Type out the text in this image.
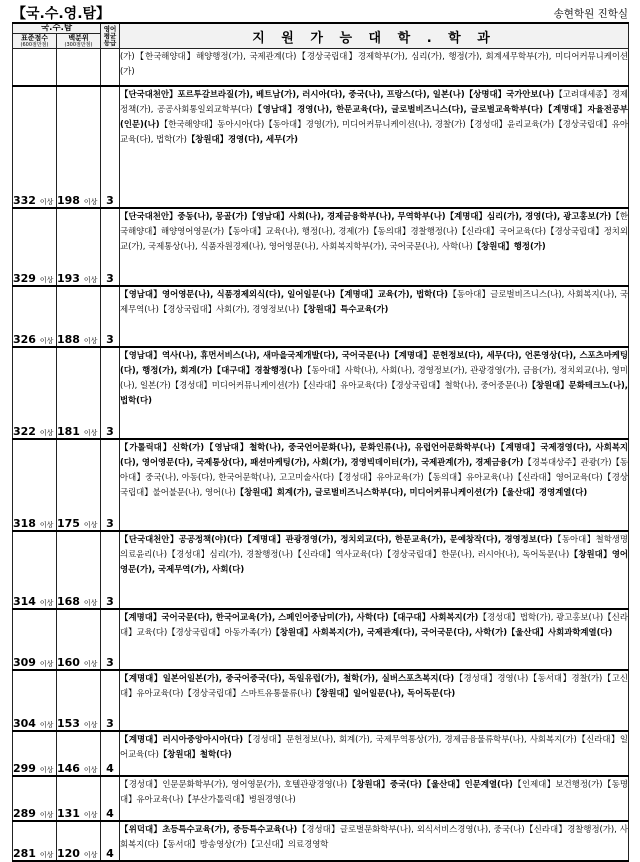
【국.수.영.탐】	송현학원 진학실
국.수.탐		영어
평균
등급	지 원 가 능 대 학 . 학 과
표준점수
(600점만점)	백분위
(300점만점)		

			(가)【한국해양대】해양행정(가), 국제관계(다)【경상국립대】경제학부(가), 심리(가), 행정(가), 회계세무학부(가), 미디어커뮤니케이션(가)
332 이상	198 이상	3	【단국대천안】포르투갈브라질(가), 베트남(가), 러시아(다), 중국(나), 프랑스(다), 일본(나)【상명대】국가안보(나)【고려대세종】경제정책(가), 공공사회통일외교학부(다)【영남대】경영(나), 한문교육(다), 글로벌비즈니스(다), 글로벌교육학부(다)【계명대】자율전공부(인문)(나)【한국해양대】동아시아(다)【동아대】경영(가), 미디어커뮤니케이션(나), 경찰(가)【경성대】윤리교육(가)【경상국립대】유아교육(다), 법학(가)【창원대】경영(다), 세무(가)
329 이상	193 이상	3	【단국대천안】중동(나), 몽골(가)【영남대】사회(나), 경제금융학부(나), 무역학부(나)【계명대】심리(가), 경영(다), 광고홍보(가)【한국해양대】해양영어영문(가)【동아대】교육(나), 행정(나), 경제(가)【동의대】경찰행정(나)【신라대】국어교육(다)【경상국립대】정치외교(가), 국제통상(나), 식품자원경제(나), 영어영문(나), 사회복지학부(가), 국어국문(나), 사학(나)【창원대】행정(가)
326 이상	188 이상	3	【영남대】영어영문(나), 식품경제외식(다), 일어일문(나)【계명대】교육(가), 법학(다)【동아대】글로벌비즈니스(나), 사회복지(나), 국제무역(나)【경상국립대】사회(가), 경영정보(나)【창원대】특수교육(가)
322 이상	181 이상	3	【영남대】역사(나), 휴먼서비스(나), 새마을국제개발(다), 국어국문(나)【계명대】문헌정보(다), 세무(다), 언론영상(다), 스포츠마케팅(다), 행정(가), 회계(가)【대구대】경찰행정(나)【동아대】사학(나), 사회(나), 경영정보(가), 관광경영(가), 금융(가), 정치외교(나), 영미(나), 일본(가)【경성대】미디어커뮤니케이션(가)【신라대】유아교육(다)【경상국립대】철학(나), 중어중문(나)【창원대】문화테크노(나), 법학(다)
318 이상	175 이상	3	【가톨릭대】신학(가)【영남대】철학(나), 중국언어문화(나), 문화인류(나), 유럽언어문화학부(나)【계명대】국제경영(다), 사회복지(다), 영어영문(다), 국제통상(다), 패션마케팅(가), 사회(가), 경영빅데이터(가), 국제관계(가), 경제금융(가)【경북대상주】관광(가)【동아대】중국(나), 아동(다), 한국어문학(나), 고고미술사(다)【경성대】유아교육(가)【동의대】유아교육(나)【신라대】영어교육(다)【경상국립대】불어불문(나), 영어(나)【창원대】회계(가), 글로벌비즈니스학부(다), 미디어커뮤니케이션(가)【울산대】경영계열(다)
314 이상	168 이상	3	【단국대천안】공공정책(야)(다)【계명대】관광경영(가), 정치외교(다), 한문교육(가), 문예창작(다), 경영정보(다)【동아대】철학생명의료윤리(나)【경성대】심리(가), 경찰행정(나)【신라대】역사교육(다)【경상국립대】한문(나), 러시아(나), 독어독문(나)【창원대】영어영문(가), 국제무역(가), 사회(다)
309 이상	160 이상	3	【계명대】국어국문(다), 한국어교육(가), 스페인어중남미(가), 사학(다)【대구대】사회복지(가)【경성대】법학(가), 광고홍보(나)【신라대】교육(다)【경상국립대】아동가족(가)【창원대】사회복지(가), 국제관계(다), 국어국문(다), 사학(가)【울산대】사회과학계열(다)
304 이상	153 이상	3	【계명대】일본어일본(가), 중국어중국(다), 독일유럽(가), 철학(가), 실버스포츠복지(다)【경성대】경영(나)【동서대】경찰(가)【고신대】유아교육(다)【경상국립대】스마트유통물류(나)【창원대】일어일문(나), 독어독문(다)
299 이상	146 이상	4	【계명대】러시아중앙아시아(다)【경성대】문헌정보(나), 회계(가), 국제무역통상(가), 경제금융물류학부(나), 사회복지(가)【신라대】일어교육(다)【창원대】철학(다)
289 이상	131 이상	4	【경성대】인문문화학부(가), 영어영문(가), 호텔관광경영(나)【창원대】중국(다)【울산대】인문계열(다)【인제대】보건행정(가)【동명대】유아교육(나)【부산가톨릭대】병원경영(나)
281 이상	120 이상	4	【위덕대】초등특수교육(가), 중등특수교육(나)【경성대】글로벌문화학부(나), 외식서비스경영(나), 중국(나)【신라대】경찰행정(가), 사회복지(다)【동서대】방송영상(가)【고신대】의료경영학
